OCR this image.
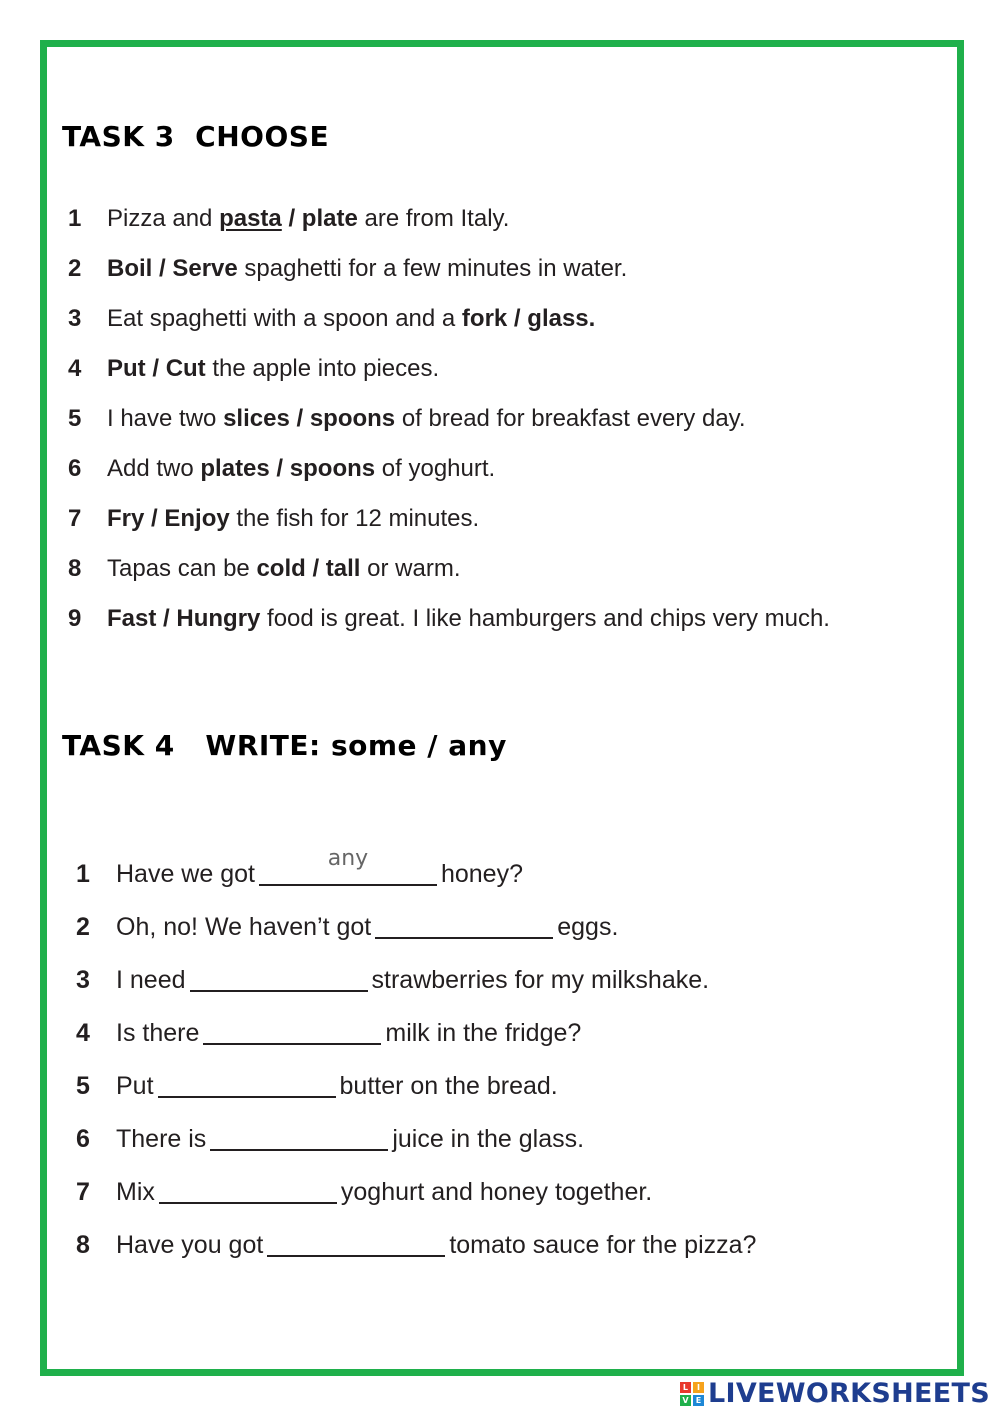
TASK 3  CHOOSE
1 Pizza and pasta / plate are from Italy.
2 Boil / Serve spaghetti for a few minutes in water.
3 Eat spaghetti with a spoon and a fork / glass.
4 Put / Cut the apple into pieces.
5 I have two slices / spoons of bread for breakfast every day.
6 Add two plates / spoons of yoghurt.
7 Fry / Enjoy the fish for 12 minutes.
8 Tapas can be cold / tall or warm.
9 Fast / Hungry food is great. I like hamburgers and chips very much.
TASK 4   WRITE: some / any
1 Have we got
any
honey?
2 Oh, no! We haven’t got	eggs.
3 I need	strawberries for my milkshake.
4 Is there	milk in the fridge?
5 Put	butter on the bread.
6 There is	juice in the glass.
7 Mix	yoghurt and honey together.
8 Have you got	tomato sauce for the pizza?
L	I
V E LIVEWORKSHEETS
